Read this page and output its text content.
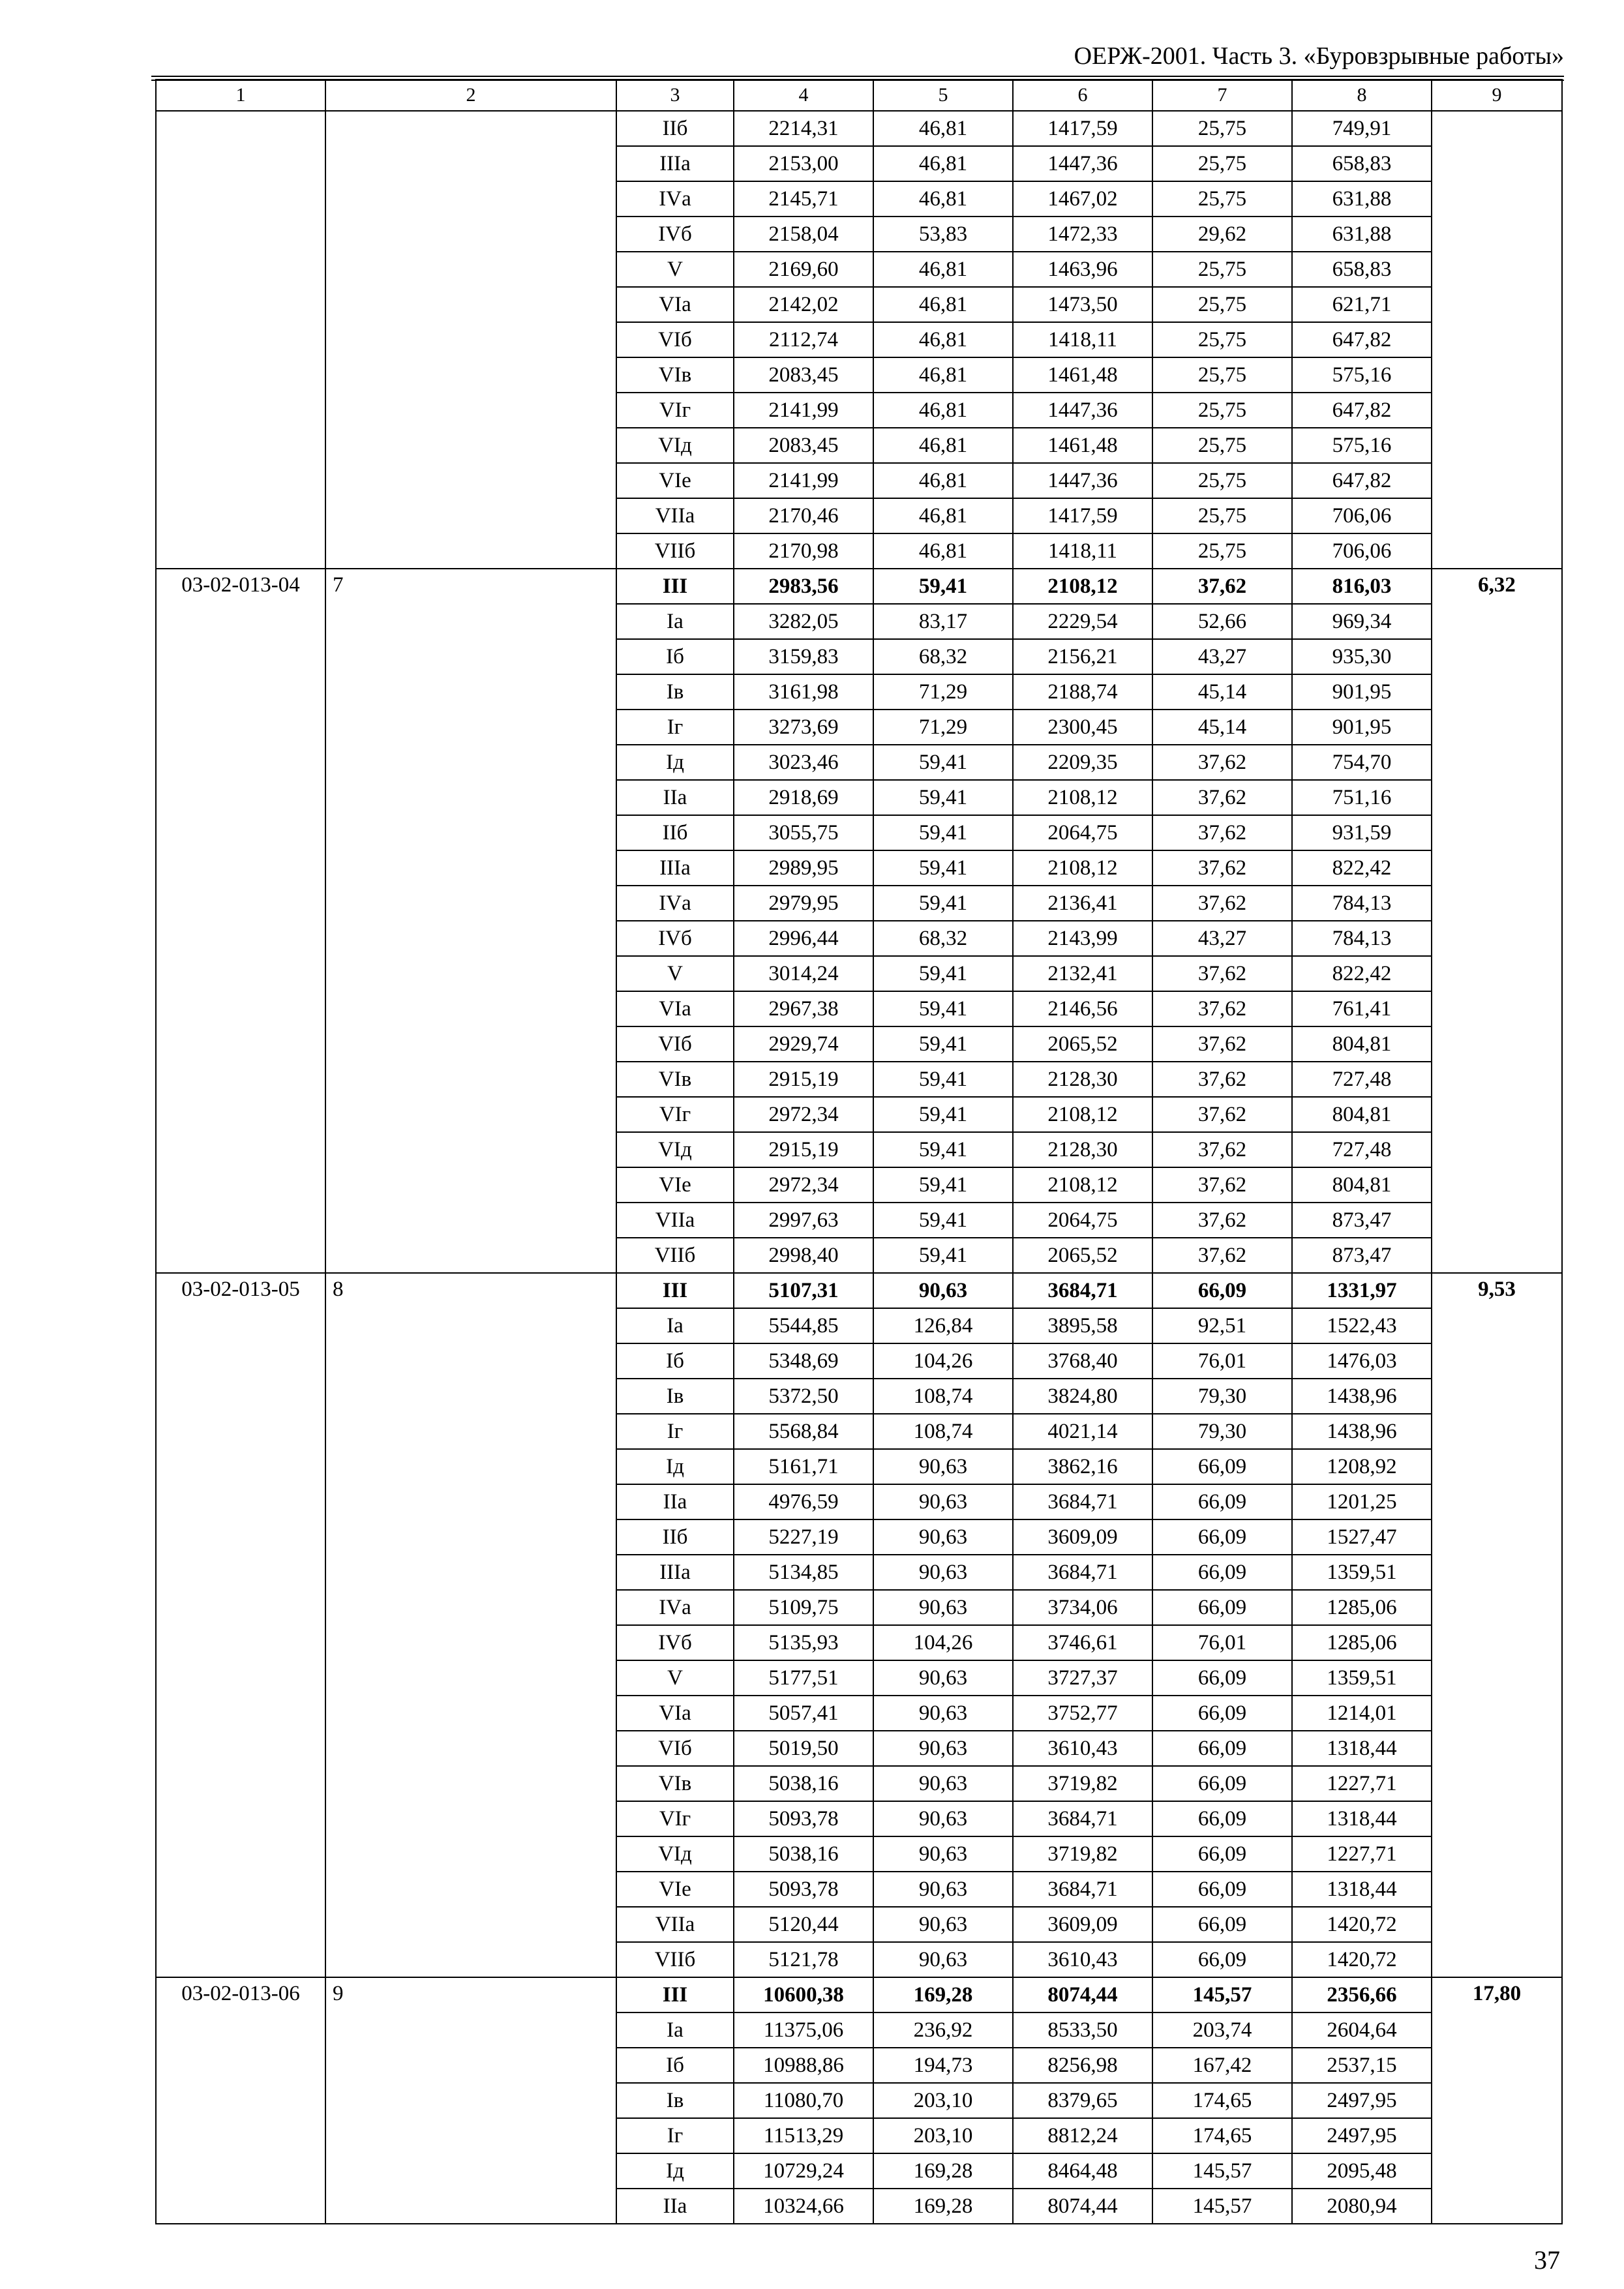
ОЕРЖ-2001. Часть 3. «Буровзрывные работы»
1	2	3	4	5	6	7	8	9
		IIб	2214,31	46,81	1417,59	25,75	749,91	
		IIIа	2153,00	46,81	1447,36	25,75	658,83	
		IVа	2145,71	46,81	1467,02	25,75	631,88	
		IVб	2158,04	53,83	1472,33	29,62	631,88	
		V	2169,60	46,81	1463,96	25,75	658,83	
		VIа	2142,02	46,81	1473,50	25,75	621,71	
		VIб	2112,74	46,81	1418,11	25,75	647,82	
		VIв	2083,45	46,81	1461,48	25,75	575,16	
		VIг	2141,99	46,81	1447,36	25,75	647,82	
		VIд	2083,45	46,81	1461,48	25,75	575,16	
		VIе	2141,99	46,81	1447,36	25,75	647,82	
		VIIа	2170,46	46,81	1417,59	25,75	706,06	
		VIIб	2170,98	46,81	1418,11	25,75	706,06	
03-02-013-04	7	III	2983,56	59,41	2108,12	37,62	816,03	6,32
		Iа	3282,05	83,17	2229,54	52,66	969,34	
		Iб	3159,83	68,32	2156,21	43,27	935,30	
		Iв	3161,98	71,29	2188,74	45,14	901,95	
		Iг	3273,69	71,29	2300,45	45,14	901,95	
		Iд	3023,46	59,41	2209,35	37,62	754,70	
		IIа	2918,69	59,41	2108,12	37,62	751,16	
		IIб	3055,75	59,41	2064,75	37,62	931,59	
		IIIа	2989,95	59,41	2108,12	37,62	822,42	
		IVа	2979,95	59,41	2136,41	37,62	784,13	
		IVб	2996,44	68,32	2143,99	43,27	784,13	
		V	3014,24	59,41	2132,41	37,62	822,42	
		VIа	2967,38	59,41	2146,56	37,62	761,41	
		VIб	2929,74	59,41	2065,52	37,62	804,81	
		VIв	2915,19	59,41	2128,30	37,62	727,48	
		VIг	2972,34	59,41	2108,12	37,62	804,81	
		VIд	2915,19	59,41	2128,30	37,62	727,48	
		VIе	2972,34	59,41	2108,12	37,62	804,81	
		VIIа	2997,63	59,41	2064,75	37,62	873,47	
		VIIб	2998,40	59,41	2065,52	37,62	873,47	
03-02-013-05	8	III	5107,31	90,63	3684,71	66,09	1331,97	9,53
		Iа	5544,85	126,84	3895,58	92,51	1522,43	
		Iб	5348,69	104,26	3768,40	76,01	1476,03	
		Iв	5372,50	108,74	3824,80	79,30	1438,96	
		Iг	5568,84	108,74	4021,14	79,30	1438,96	
		Iд	5161,71	90,63	3862,16	66,09	1208,92	
		IIа	4976,59	90,63	3684,71	66,09	1201,25	
		IIб	5227,19	90,63	3609,09	66,09	1527,47	
		IIIа	5134,85	90,63	3684,71	66,09	1359,51	
		IVа	5109,75	90,63	3734,06	66,09	1285,06	
		IVб	5135,93	104,26	3746,61	76,01	1285,06	
		V	5177,51	90,63	3727,37	66,09	1359,51	
		VIа	5057,41	90,63	3752,77	66,09	1214,01	
		VIб	5019,50	90,63	3610,43	66,09	1318,44	
		VIв	5038,16	90,63	3719,82	66,09	1227,71	
		VIг	5093,78	90,63	3684,71	66,09	1318,44	
		VIд	5038,16	90,63	3719,82	66,09	1227,71	
		VIе	5093,78	90,63	3684,71	66,09	1318,44	
		VIIа	5120,44	90,63	3609,09	66,09	1420,72	
		VIIб	5121,78	90,63	3610,43	66,09	1420,72	
03-02-013-06	9	III	10600,38	169,28	8074,44	145,57	2356,66	17,80
		Iа	11375,06	236,92	8533,50	203,74	2604,64	
		Iб	10988,86	194,73	8256,98	167,42	2537,15	
		Iв	11080,70	203,10	8379,65	174,65	2497,95	
		Iг	11513,29	203,10	8812,24	174,65	2497,95	
		Iд	10729,24	169,28	8464,48	145,57	2095,48	
		IIа	10324,66	169,28	8074,44	145,57	2080,94	
37
